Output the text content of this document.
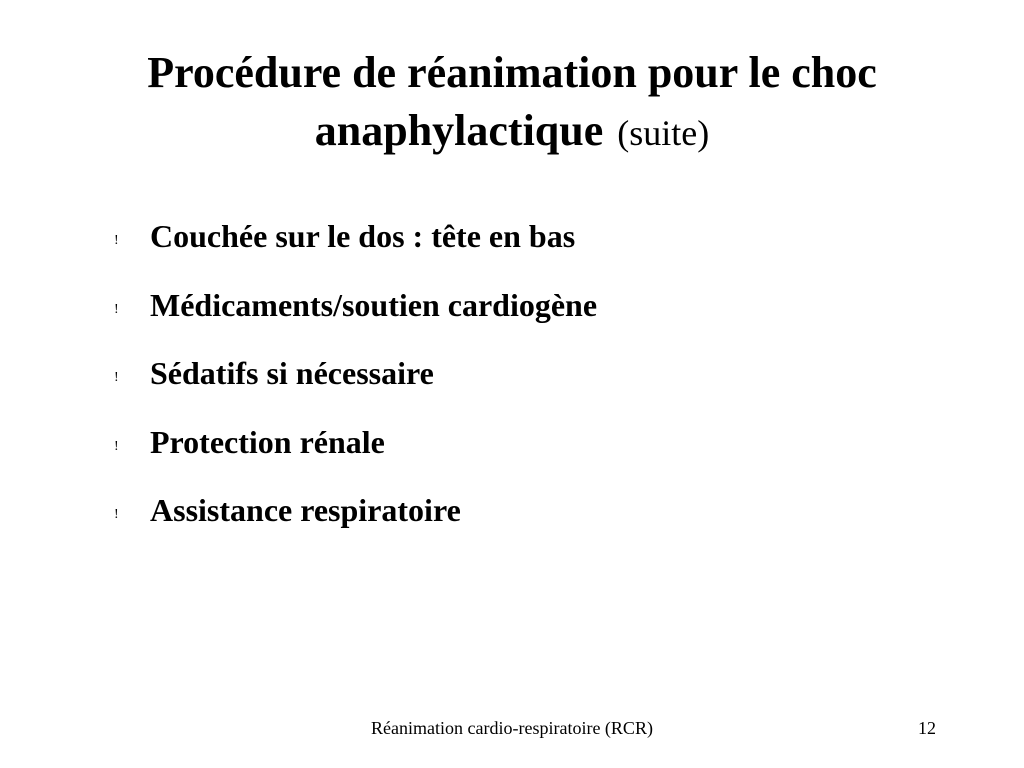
Procédure de réanimation pour le choc anaphylactique (suite)
! Couchée sur le dos : tête en bas
! Médicaments/soutien cardiogène
! Sédatifs si nécessaire
! Protection rénale
! Assistance respiratoire
Réanimation cardio-respiratoire (RCR)	12
